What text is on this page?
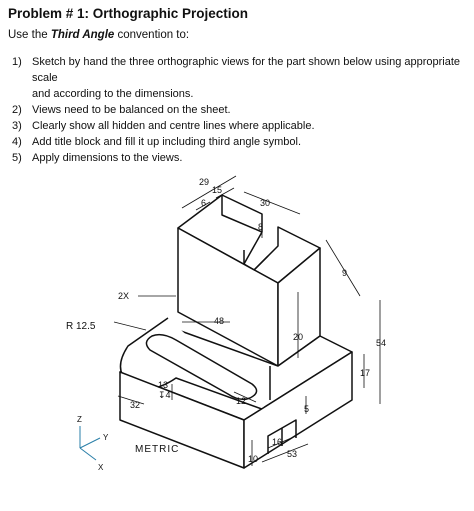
Problem # 1: Orthographic Projection
Use the Third Angle convention to:
1) Sketch by hand the three orthographic views for the part shown below using appropriate scale
and according to the dimensions.
2) Views need to be balanced on the sheet.
3) Clearly show all hidden and centre lines where applicable.
4) Add title block and fill it up including third angle symbol.
5) Apply dimensions to the views.
29
15
6	30
8
9
2X
48
R 12.5
20
54
13
↧4
12
17
32	5
16
10	53
Z
Y
X
METRIC
